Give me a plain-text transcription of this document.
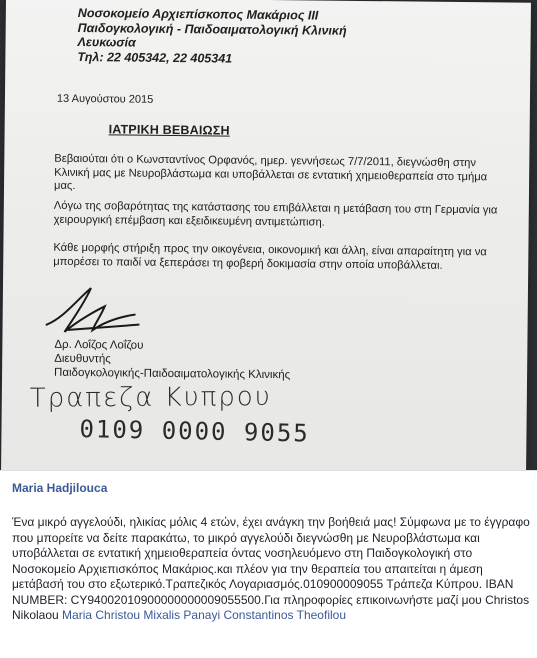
Νοσοκομείο Αρχιεπίσκοπος Μακάριος ΙΙΙ
Παιδογκολογική - Παιδοαιματολογική Κλινική
Λευκωσία
Τηλ: 22 405342, 22 405341
13 Αυγούστου 2015
ΙΑΤΡΙΚΗ ΒΕΒΑΙΩΣΗ
Βεβαιούται ότι ο Κωνσταντίνος Ορφανός, ημερ. γεννήσεως 7/7/2011, διεγνώσθη στην Κλινική μας με Νευροβλάστωμα και υποβάλλεται σε εντατική χημειοθεραπεία στο τμήμα μας.
Λόγω της σοβαρότητας της κατάστασης του επιβάλλεται η μετάβαση του στη Γερμανία για χειρουργική επέμβαση και εξειδικευμένη αντιμετώπιση.
Κάθε μορφής στήριξη προς την οικογένεια, οικονομική και άλλη, είναι απαραίτητη για να μπορέσει το παιδί να ξεπεράσει τη φοβερή δοκιμασία στην οποία υποβάλλεται.
Δρ. Λοΐζος Λοΐζου
Διευθυντής
Παιδογκολογικής-Παιδοαιματολογικής Κλινικής
Τραπεζα Κυπρου
0109 0000 9055
Maria Hadjilouca
Ένα μικρό αγγελούδι, ηλικίας μόλις 4 ετών, έχει ανάγκη την βοήθειά μας! Σύμφωνα με το έγγραφο που μπορείτε να δείτε παρακάτω, το μικρό αγγελούδι διεγνώσθη με Νευροβλάστωμα και υποβάλλεται σε εντατική χημειοθεραπεία όντας νοσηλευόμενο στη Παιδογκολογική στο Νοσοκομείο Αρχιεπισκόπος Μακάριος.και πλέον για την θεραπεία του απαιτείται η άμεση μετάβασή του στο εξωτερικό.Τραπεζικός Λογαριασμός.010900009055 Τράπεζα Κύπρου. IBAN NUMBER: CY94002010900000000009055500.Για πληροφορίες επικοινωνήστε μαζί μου Christos Nikolaou Maria Christou Mixalis Panayi Constantinos Theofilou
